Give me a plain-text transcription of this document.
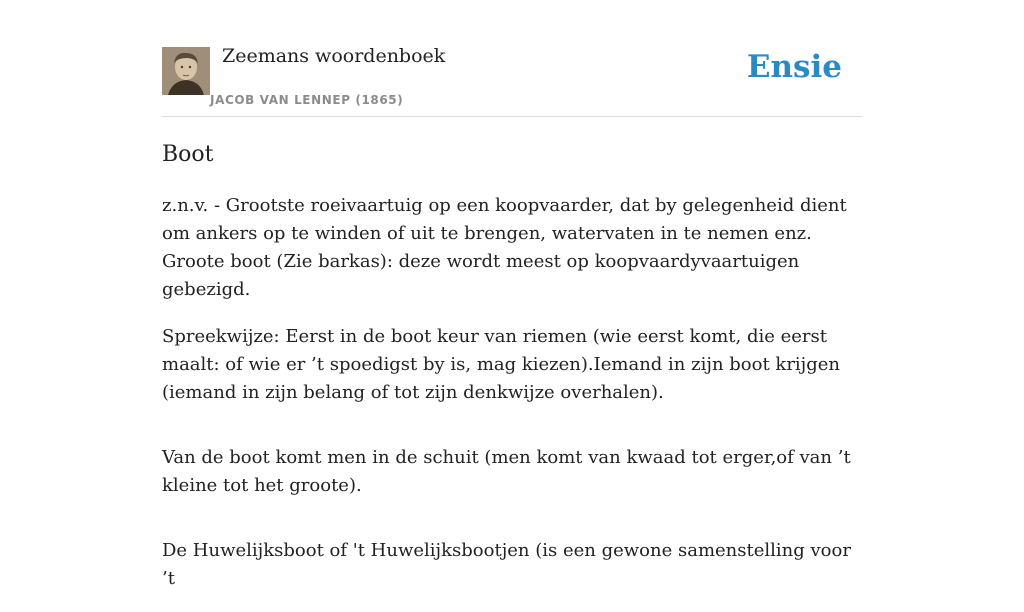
Zeemans woordenboek
JACOB VAN LENNEP (1865)
Ensie
Boot

z.n.v. - Grootste roeivaartuig op een koopvaarder, dat by gelegenheid dient om ankers op te winden of uit te brengen, watervaten in te nemen enz. Groote boot (Zie barkas): deze wordt meest op koopvaardyvaartuigen gebezigd.

Spreekwijze: Eerst in de boot keur van riemen (wie eerst komt, die eerst maalt: of wie er ’t spoedigst by is, mag kiezen).Iemand in zijn boot krijgen (iemand in zijn belang of tot zijn denkwijze overhalen).

Van de boot komt men in de schuit (men komt van kwaad tot erger,of van ’t kleine tot het groote).

De Huwelijksboot of 't Huwelijksbootjen (is een gewone samenstelling voor ’t
